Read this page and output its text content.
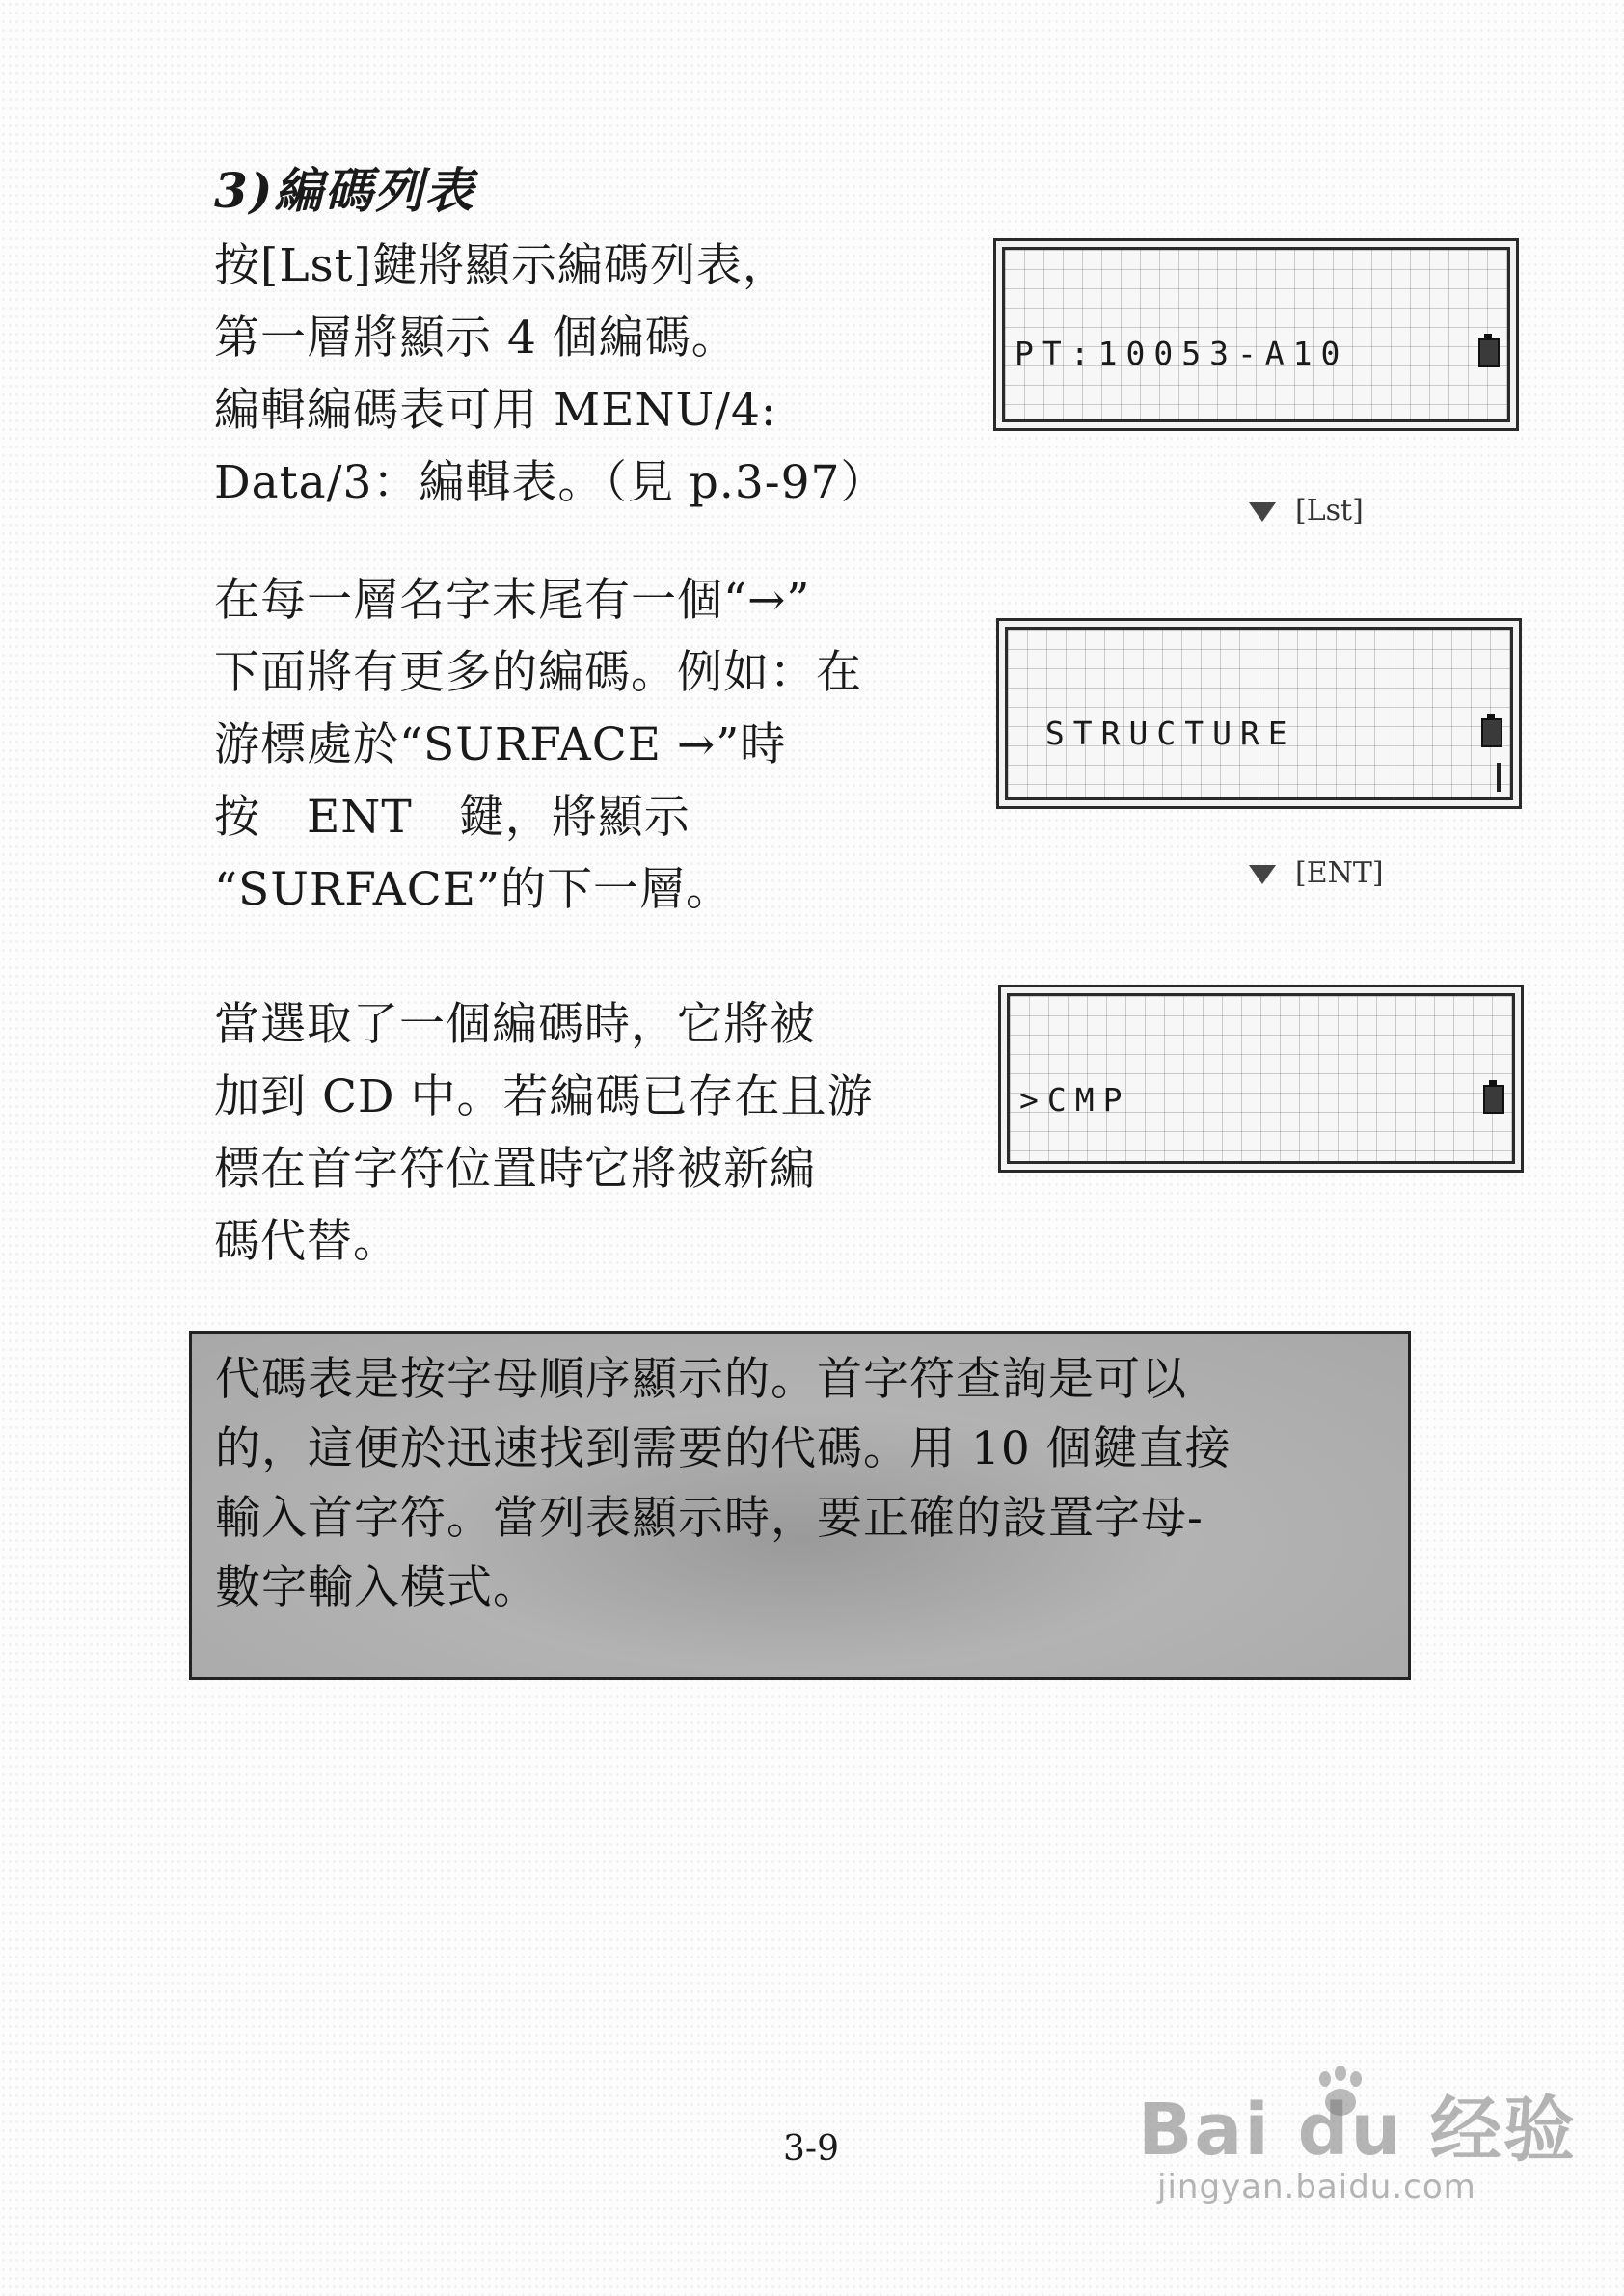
3)編碼列表
按[Lst]鍵將顯示編碼列表，
第一層將顯示 4 個編碼。
編輯編碼表可用 MENU/4:
Data/3：編輯表。（見 p.3-97）
在每一層名字末尾有一個“→”
下面將有更多的編碼。例如：在
游標處於“SURFACE →”時
按　ENT　鍵，將顯示
“SURFACE”的下一層。
當選取了一個編碼時，它將被
加到 CD 中。若編碼已存在且游
標在首字符位置時它將被新編
碼代替。

PT:10053-A10

[Lst]

STRUCTURE

[ENT]

>CMP

代碼表是按字母順序顯示的。首字符查詢是可以
的，這便於迅速找到需要的代碼。用 10 個鍵直接
輸入首字符。當列表顯示時，要正確的設置字母-
數字輸入模式。
3-9	Bai du 经验
jingyan.baidu.com
